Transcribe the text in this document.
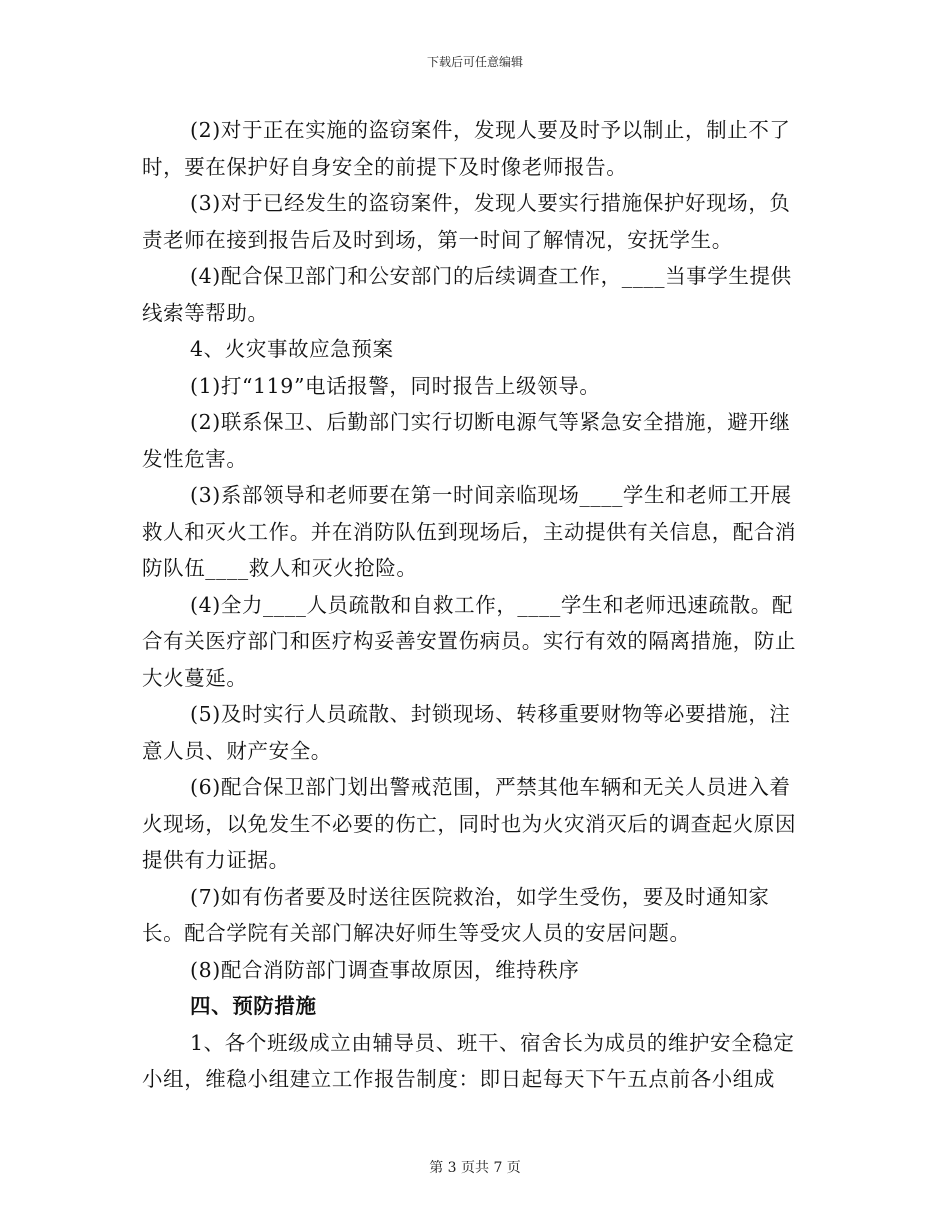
下载后可任意编辑

(2)对于正在实施的盗窃案件，发现人要及时予以制止，制止不了时，要在保护好自身安全的前提下及时像老师报告。

(3)对于已经发生的盗窃案件，发现人要实行措施保护好现场，负责老师在接到报告后及时到场，第一时间了解情况，安抚学生。

(4)配合保卫部门和公安部门的后续调查工作，____当事学生提供线索等帮助。

4、火灾事故应急预案

(1)打“119”电话报警，同时报告上级领导。

(2)联系保卫、后勤部门实行切断电源气等紧急安全措施，避开继发性危害。

(3)系部领导和老师要在第一时间亲临现场____学生和老师工开展救人和灭火工作。并在消防队伍到现场后，主动提供有关信息，配合消防队伍____救人和灭火抢险。

(4)全力____人员疏散和自救工作，____学生和老师迅速疏散。配合有关医疗部门和医疗构妥善安置伤病员。实行有效的隔离措施，防止大火蔓延。

(5)及时实行人员疏散、封锁现场、转移重要财物等必要措施，注意人员、财产安全。

(6)配合保卫部门划出警戒范围，严禁其他车辆和无关人员进入着火现场，以免发生不必要的伤亡，同时也为火灾消灭后的调查起火原因提供有力证据。

(7)如有伤者要及时送往医院救治，如学生受伤，要及时通知家长。配合学院有关部门解决好师生等受灾人员的安居问题。

(8)配合消防部门调查事故原因，维持秩序

四、预防措施

1、各个班级成立由辅导员、班干、宿舍长为成员的维护安全稳定小组，维稳小组建立工作报告制度：即日起每天下午五点前各小组成

第 3 页共 7 页
